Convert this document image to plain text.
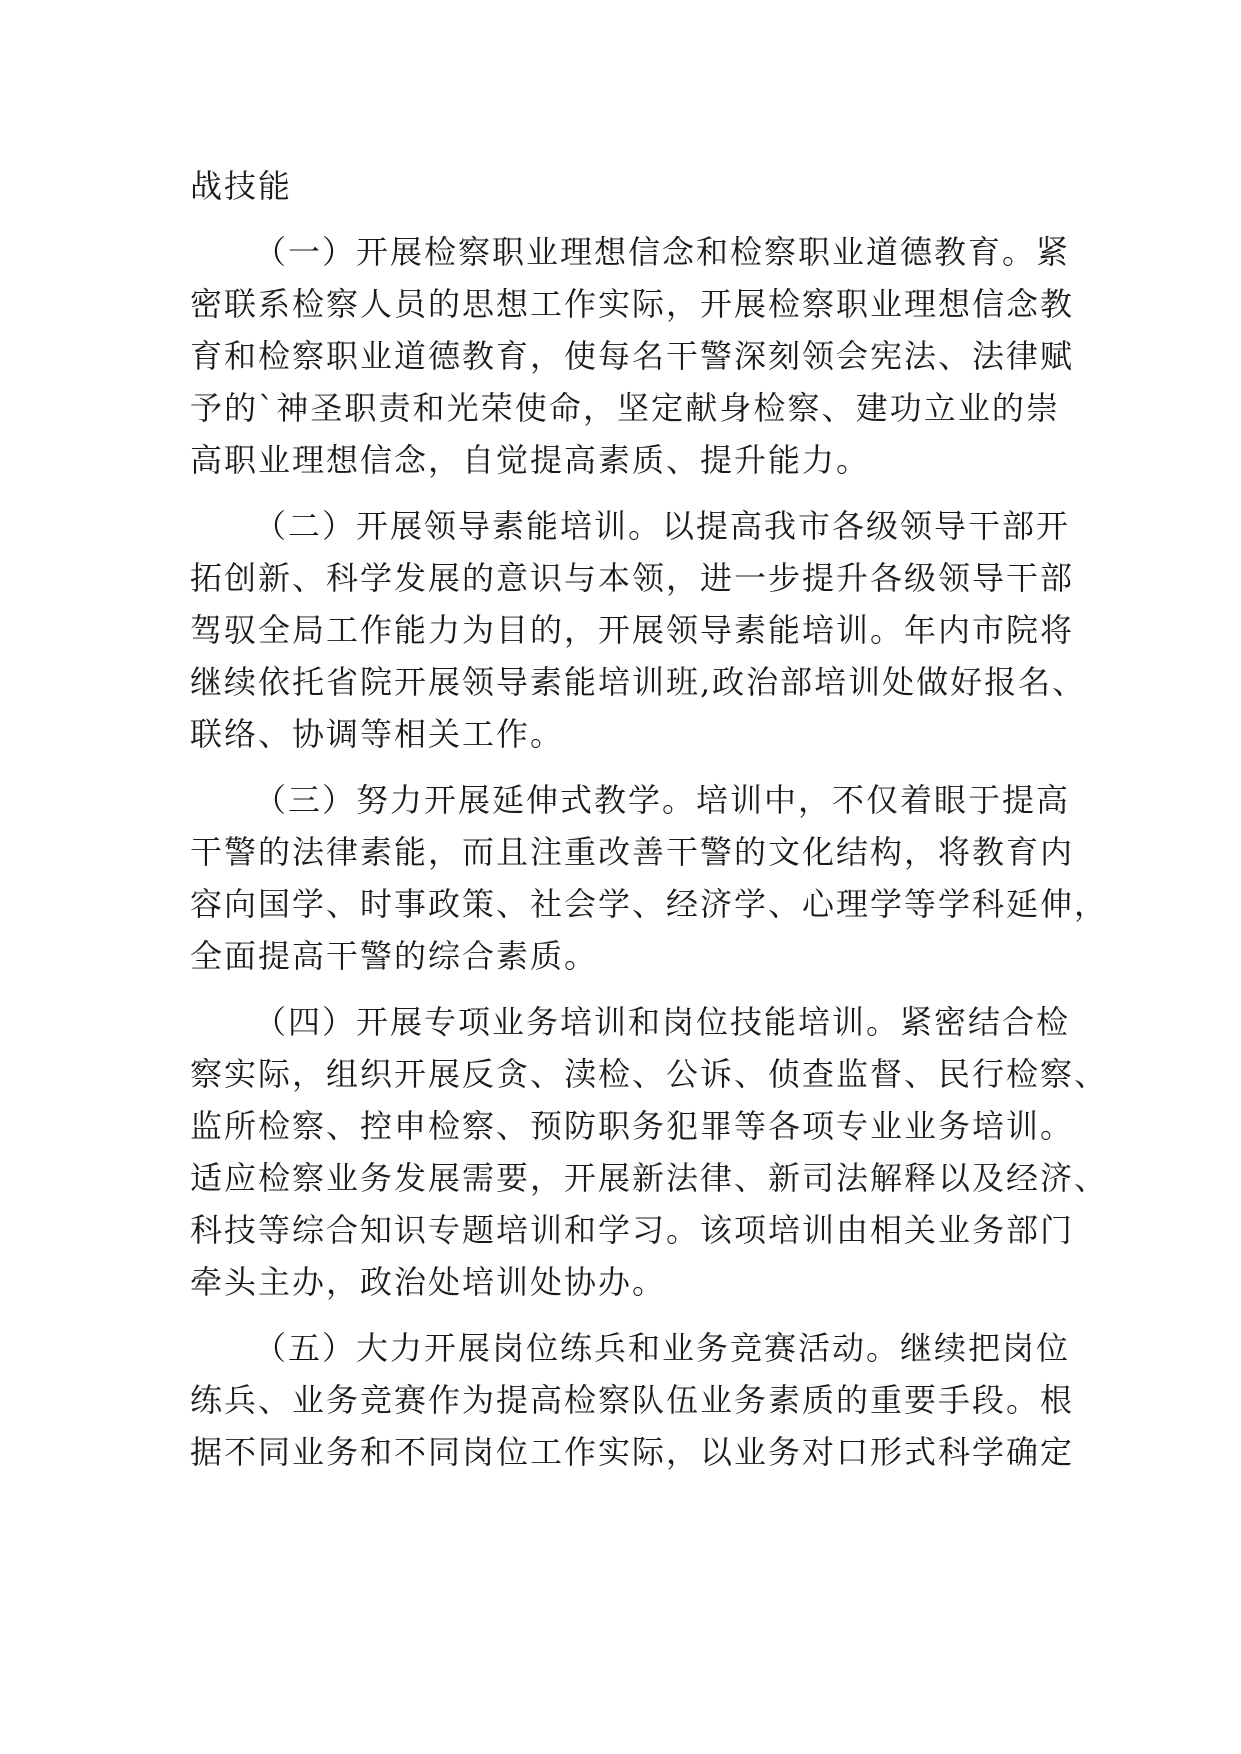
战技能
（一）开展检察职业理想信念和检察职业道德教育。紧
密联系检察人员的思想工作实际，开展检察职业理想信念教
育和检察职业道德教育，使每名干警深刻领会宪法、法律赋
予的`神圣职责和光荣使命，坚定献身检察、建功立业的崇
高职业理想信念，自觉提高素质、提升能力。
（二）开展领导素能培训。以提高我市各级领导干部开
拓创新、科学发展的意识与本领，进一步提升各级领导干部
驾驭全局工作能力为目的，开展领导素能培训。年内市院将
继续依托省院开展领导素能培训班,政治部培训处做好报名、
联络、协调等相关工作。
（三）努力开展延伸式教学。培训中，不仅着眼于提高
干警的法律素能，而且注重改善干警的文化结构，将教育内
容向国学、时事政策、社会学、经济学、心理学等学科延伸，
全面提高干警的综合素质。
（四）开展专项业务培训和岗位技能培训。紧密结合检
察实际，组织开展反贪、渎检、公诉、侦查监督、民行检察、
监所检察、控申检察、预防职务犯罪等各项专业业务培训。
适应检察业务发展需要，开展新法律、新司法解释以及经济、
科技等综合知识专题培训和学习。该项培训由相关业务部门
牵头主办，政治处培训处协办。
（五）大力开展岗位练兵和业务竞赛活动。继续把岗位
练兵、业务竞赛作为提高检察队伍业务素质的重要手段。根
据不同业务和不同岗位工作实际，以业务对口形式科学确定
